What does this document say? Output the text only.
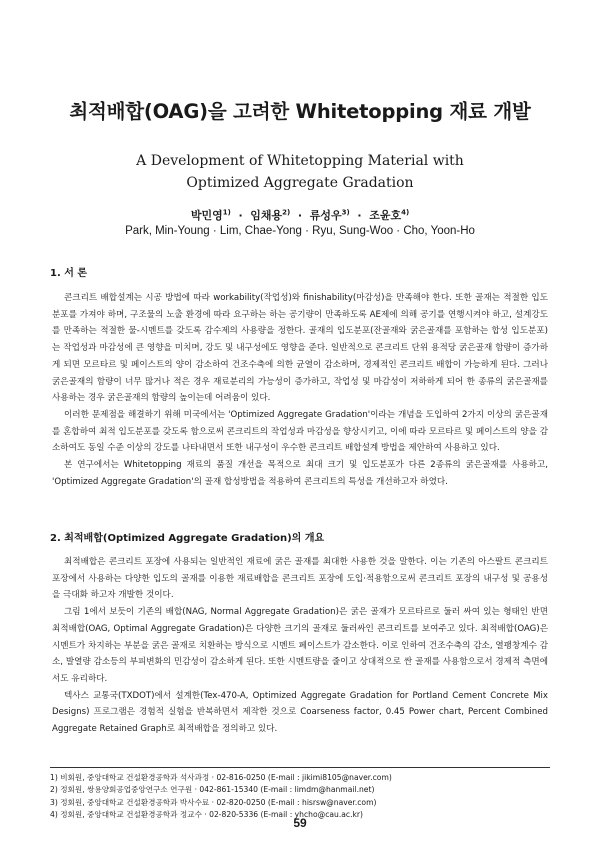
최적배합(OAG)을 고려한 Whitetopping 재료 개발
A Development of Whitetopping Material with
Optimized Aggregate Gradation
박민영$^{1)}$  ·  임채용$^{2)}$  ·  류성우$^{3)}$  ·  조윤호$^{4)}$
Park, Min-Young · Lim, Chae-Yong · Ryu, Sung-Woo · Cho, Yoon-Ho
1. 서 론

콘크리트 배합설계는 시공 방법에 따라 workability(작업성)와 finishability(마감성)을 만족해야 한다. 또한 골재는 적절한 입도분포를 가져야 하며, 구조물의 노출 환경에 따라 요구하는 하는 공기량이 만족하도록 AE제에 의해 공기를 연행시켜야 하고, 설계강도를 만족하는 적절한 물-시멘트를 갖도록 감수제의 사용량을 정한다. 골재의 입도분포(잔골재와 굵은골재를 포함하는 합성 입도분포)는 작업성과 마감성에 큰 영향을 미치며, 강도 및 내구성에도 영향을 준다. 일반적으로 콘크리트 단위 용적당 굵은골재 함량이 증가하게 되면 모르타르 및 페이스트의 양이 감소하여 건조수축에 의한 균열이 감소하며, 경제적인 콘크리트 배합이 가능하게 된다. 그러나 굵은골재의 함량이 너무 많거나 적은 경우 재료분리의 가능성이 증가하고, 작업성 및 마감성이 저하하게 되어 한 종류의 굵은골재를 사용하는 경우 굵은골재의 함량의 높이는데 어려움이 있다.

이러한 문제점을 해결하기 위해 미국에서는 'Optimized Aggregate Gradation'이라는 개념을 도입하여 2가지 이상의 굵은골재를 혼합하여 최적 입도분포를 갖도록 함으로써 콘크리트의 작업성과 마감성을 향상시키고, 이에 따라 모르타르 및 페이스트의 양을 감소하여도 동일 수준 이상의 강도를 나타내면서 또한 내구성이 우수한 콘크리트 배합설계 방법을 제안하여 사용하고 있다.

본 연구에서는 Whitetopping 재료의 품질 개선을 목적으로 최대 크기 및 입도분포가 다른 2종류의 굵은골재를 사용하고, 'Optimized Aggregate Gradation'의 골재 합성방법을 적용하여 콘크리트의 특성을 개선하고자 하였다.

2. 최적배합(Optimized Aggregate Gradation)의 개요

최적배합은 콘크리트 포장에 사용되는 일반적인 재료에 굵은 골재를 최대한 사용한 것을 말한다. 이는 기존의 아스팔트 콘크리트 포장에서 사용하는 다양한 입도의 골재를 이용한 재료배합을 콘크리트 포장에 도입·적용함으로써 콘크리트 포장의 내구성 및 공용성을 극대화 하고자 개발한 것이다.

그림 1에서 보듯이 기존의 배합(NAG, Normal Aggregate Gradation)은 굵은 골재가 모르타르로 둘러 싸여 있는 형태인 반면 최적배합(OAG, Optimal Aggregate Gradation)은 다양한 크기의 골재로 둘러싸인 콘크리트를 보여주고 있다. 최적배합(OAG)은 시멘트가 차지하는 부분을 굵은 골재로 치환하는 방식으로 시멘트 페이스트가 감소한다. 이로 인하여 건조수축의 감소, 열팽창계수 감소, 발열량 감소등의 부피변화의 민감성이 감소하게 된다. 또한 시멘트량을 줄이고 상대적으로 싼 골재를 사용함으로서 경제적 측면에서도 유리하다.

텍사스 교통국(TXDOT)에서 설계한(Tex-470-A, Optimized Aggregate Gradation for Portland Cement Concrete Mix Designs) 프로그램은 경험적 실험을 반복하면서 제작한 것으로 Coarseness factor, 0.45 Power chart, Percent Combined Aggregate Retained Graph로 최적배합을 정의하고 있다.

1) 비회원, 중앙대학교 건설환경공학과 석사과정 · 02-816-0250 (E-mail : jikimi8105@naver.com)
2) 정회원, 쌍용양회공업중앙연구소 연구원 · 042-861-15340 (E-mail : limdm@hanmail.net)
3) 정회원, 중앙대학교 건설환경공학과 박사수료 · 02-820-0250 (E-mail : hisrsw@naver.com)
4) 정회원, 중앙대학교 건설환경공학과 정교수 · 02-820-5336 (E-mail : yhcho@cau.ac.kr)
59
